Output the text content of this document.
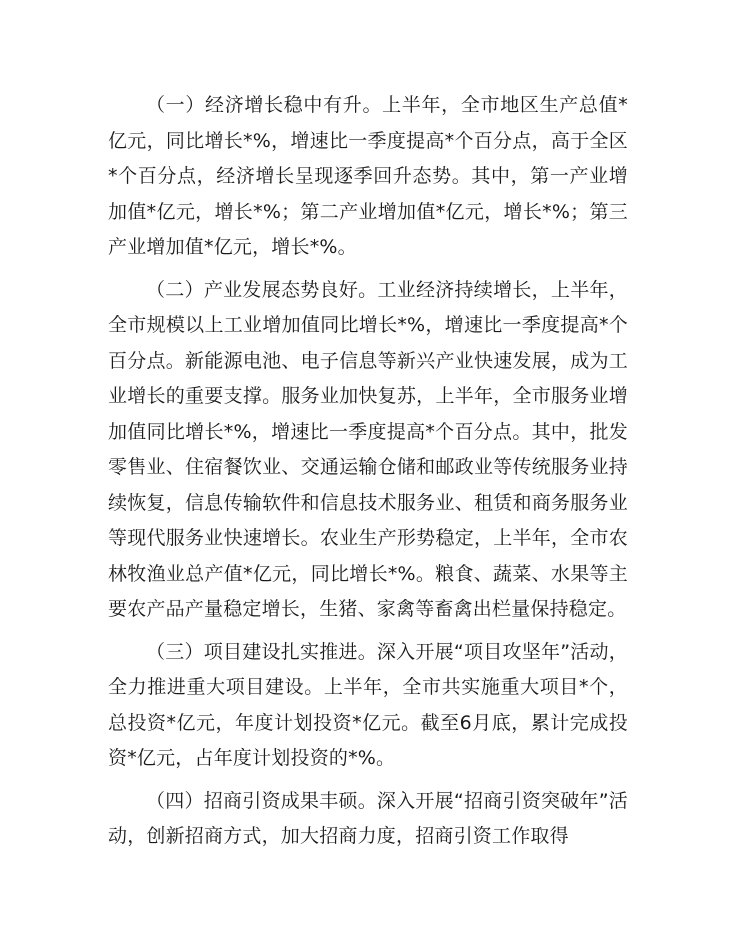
（一）经济增长稳中有升。上半年，全市地区生产总值*亿元，同比增长*%，增速比一季度提高*个百分点，高于全区*个百分点，经济增长呈现逐季回升态势。其中，第一产业增加值*亿元，增长*%；第二产业增加值*亿元，增长*%；第三产业增加值*亿元，增长*%。

（二）产业发展态势良好。工业经济持续增长，上半年，全市规模以上工业增加值同比增长*%，增速比一季度提高*个百分点。新能源电池、电子信息等新兴产业快速发展，成为工业增长的重要支撑。服务业加快复苏，上半年，全市服务业增加值同比增长*%，增速比一季度提高*个百分点。其中，批发零售业、住宿餐饮业、交通运输仓储和邮政业等传统服务业持续恢复，信息传输软件和信息技术服务业、租赁和商务服务业等现代服务业快速增长。农业生产形势稳定，上半年，全市农林牧渔业总产值*亿元，同比增长*%。粮食、蔬菜、水果等主要农产品产量稳定增长，生猪、家禽等畜禽出栏量保持稳定。

（三）项目建设扎实推进。深入开展“项目攻坚年”活动，全力推进重大项目建设。上半年，全市共实施重大项目*个，总投资*亿元，年度计划投资*亿元。截至6月底，累计完成投资*亿元，占年度计划投资的*%。

（四）招商引资成果丰硕。深入开展“招商引资突破年”活动，创新招商方式，加大招商力度，招商引资工作取得
